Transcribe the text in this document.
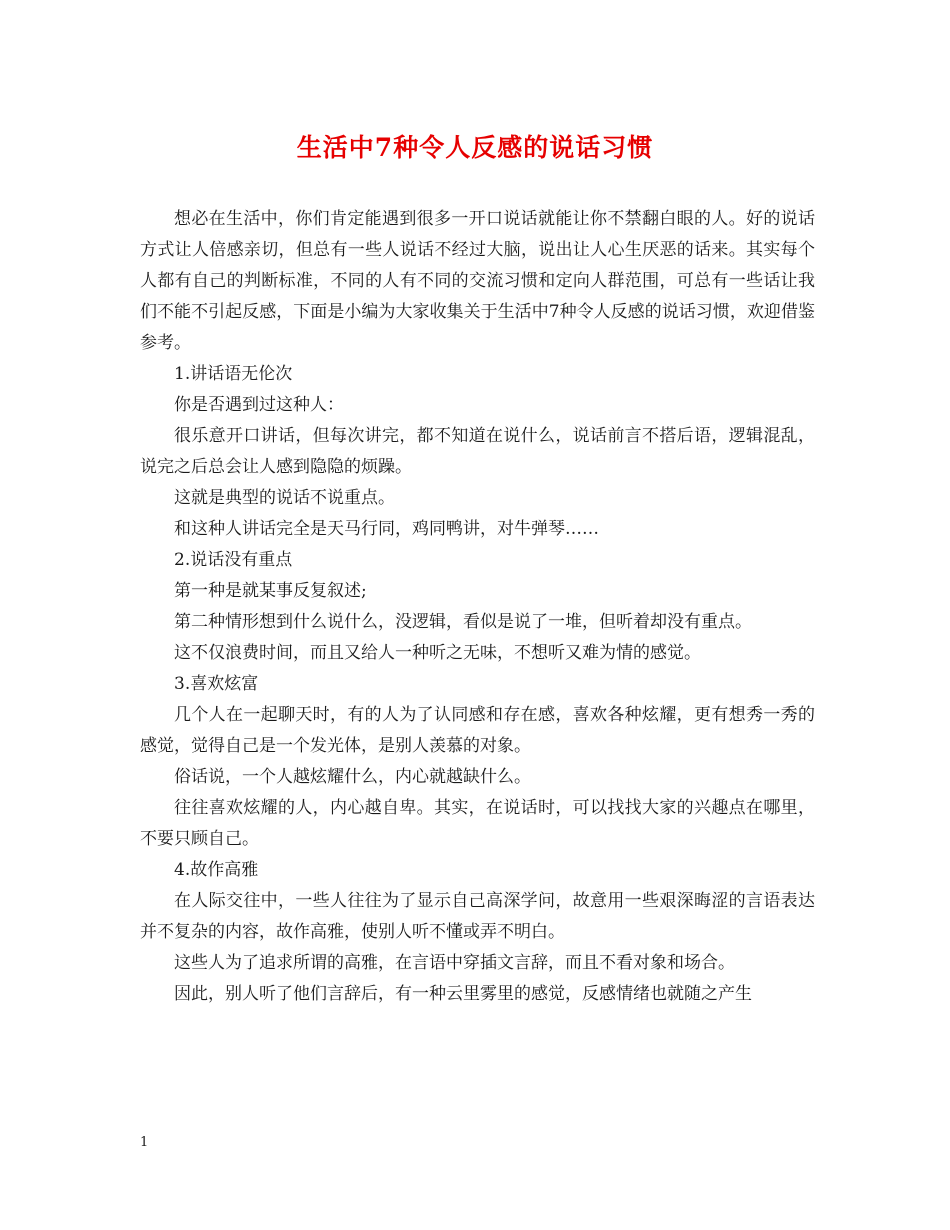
生活中7种令人反感的说话习惯

想必在生活中，你们肯定能遇到很多一开口说话就能让你不禁翻白眼的人。好的说话方式让人倍感亲切，但总有一些人说话不经过大脑，说出让人心生厌恶的话来。其实每个人都有自己的判断标准，不同的人有不同的交流习惯和定向人群范围，可总有一些话让我们不能不引起反感，下面是小编为大家收集关于生活中7种令人反感的说话习惯，欢迎借鉴参考。

1.讲话语无伦次

你是否遇到过这种人：

很乐意开口讲话，但每次讲完，都不知道在说什么，说话前言不搭后语，逻辑混乱，说完之后总会让人感到隐隐的烦躁。

这就是典型的说话不说重点。

和这种人讲话完全是天马行同，鸡同鸭讲，对牛弹琴……

2.说话没有重点

第一种是就某事反复叙述;

第二种情形想到什么说什么，没逻辑，看似是说了一堆，但听着却没有重点。

这不仅浪费时间，而且又给人一种听之无味，不想听又难为情的感觉。

3.喜欢炫富

几个人在一起聊天时，有的人为了认同感和存在感，喜欢各种炫耀，更有想秀一秀的感觉，觉得自己是一个发光体，是别人羡慕的对象。

俗话说，一个人越炫耀什么，内心就越缺什么。

往往喜欢炫耀的人，内心越自卑。其实，在说话时，可以找找大家的兴趣点在哪里，不要只顾自己。

4.故作高雅

在人际交往中，一些人往往为了显示自己高深学问，故意用一些艰深晦涩的言语表达并不复杂的内容，故作高雅，使别人听不懂或弄不明白。

这些人为了追求所谓的高雅，在言语中穿插文言辞，而且不看对象和场合。

因此，别人听了他们言辞后，有一种云里雾里的感觉，反感情绪也就随之产生

1
